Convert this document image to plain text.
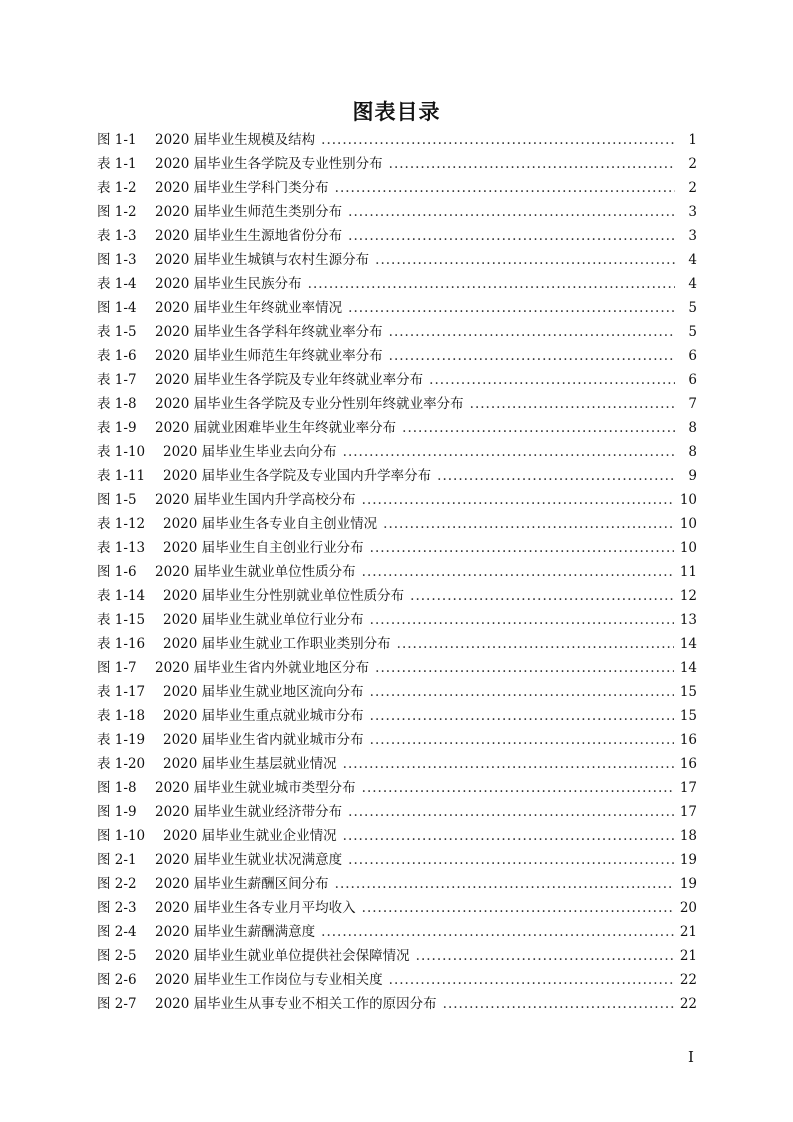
图表目录
图 1-1	2020 届毕业生规模及结构 .....	1
表 1-1	2020 届毕业生各学院及专业性别分布 .....	2
表 1-2	2020 届毕业生学科门类分布 .....	2
图 1-2	2020 届毕业生师范生类别分布 .....	3
表 1-3	2020 届毕业生生源地省份分布 .....	3
图 1-3	2020 届毕业生城镇与农村生源分布 .....	4
表 1-4	2020 届毕业生民族分布 .....	4
图 1-4	2020 届毕业生年终就业率情况 .....	5
表 1-5	2020 届毕业生各学科年终就业率分布 .....	5
表 1-6	2020 届毕业生师范生年终就业率分布 .....	6
表 1-7	2020 届毕业生各学院及专业年终就业率分布 .....	6
表 1-8	2020 届毕业生各学院及专业分性别年终就业率分布 .....	7
表 1-9	2020 届就业困难毕业生年终就业率分布 .....	8
表 1-10	2020 届毕业生毕业去向分布 .....	8
表 1-11	2020 届毕业生各学院及专业国内升学率分布 .....	9
图 1-5	2020 届毕业生国内升学高校分布 .....	10
表 1-12	2020 届毕业生各专业自主创业情况 .....	10
表 1-13	2020 届毕业生自主创业行业分布 .....	10
图 1-6	2020 届毕业生就业单位性质分布 .....	11
表 1-14	2020 届毕业生分性别就业单位性质分布 .....	12
表 1-15	2020 届毕业生就业单位行业分布 .....	13
表 1-16	2020 届毕业生就业工作职业类别分布 .....	14
图 1-7	2020 届毕业生省内外就业地区分布 .....	14
表 1-17	2020 届毕业生就业地区流向分布 .....	15
表 1-18	2020 届毕业生重点就业城市分布 .....	15
表 1-19	2020 届毕业生省内就业城市分布 .....	16
表 1-20	2020 届毕业生基层就业情况 .....	16
图 1-8	2020 届毕业生就业城市类型分布 .....	17
图 1-9	2020 届毕业生就业经济带分布 .....	17
图 1-10	2020 届毕业生就业企业情况 .....	18
图 2-1	2020 届毕业生就业状况满意度 .....	19
图 2-2	2020 届毕业生薪酬区间分布 .....	19
图 2-3	2020 届毕业生各专业月平均收入 .....	20
图 2-4	2020 届毕业生薪酬满意度 .....	21
图 2-5	2020 届毕业生就业单位提供社会保障情况 .....	21
图 2-6	2020 届毕业生工作岗位与专业相关度 .....	22
图 2-7	2020 届毕业生从事专业不相关工作的原因分布 .....	22
I
